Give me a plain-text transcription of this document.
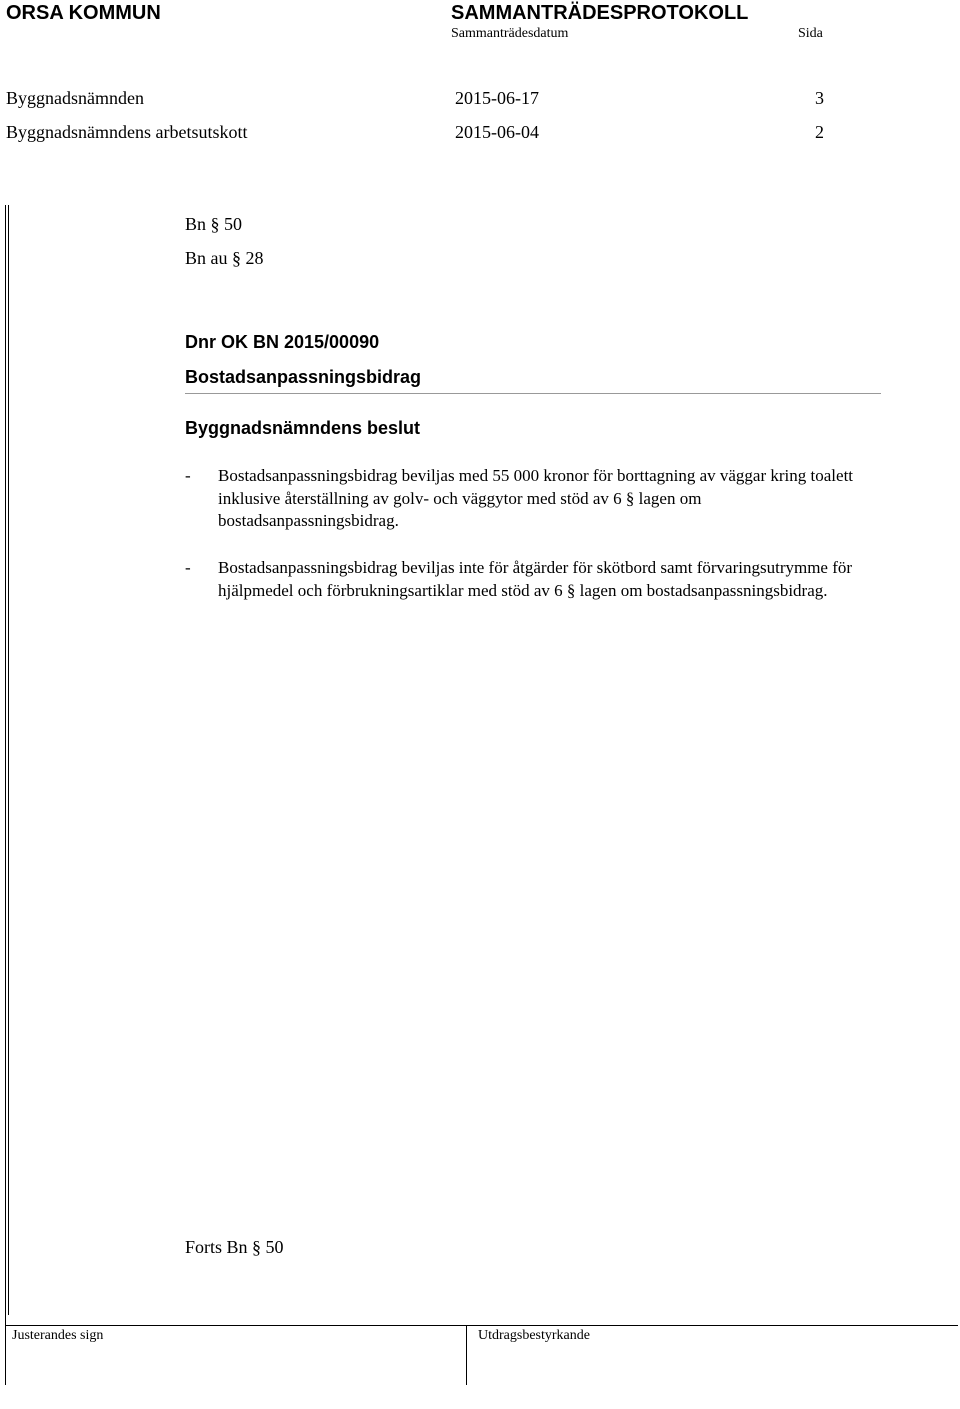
ORSA KOMMUN	SAMMANTRÄDESPROTOKOLL
Sammanträdesdatum	Sida
Byggnadsnämnden	2015-06-17	3
Byggnadsnämndens arbetsutskott	2015-06-04	2
Bn § 50
Bn au § 28
Dnr OK BN 2015/00090
Bostadsanpassningsbidrag
Byggnadsnämndens beslut
- Bostadsanpassningsbidrag beviljas med 55 000 kronor för borttagning av väggar kring toalett inklusive återställning av golv- och väggytor med stöd av 6 § lagen om bostadsanpassningsbidrag.
- Bostadsanpassningsbidrag beviljas inte för åtgärder för skötbord samt förvaringsutrymme för hjälpmedel och förbrukningsartiklar med stöd av 6 § lagen om bostadsanpassningsbidrag.
Forts Bn § 50
Justerandes sign	Utdragsbestyrkande
